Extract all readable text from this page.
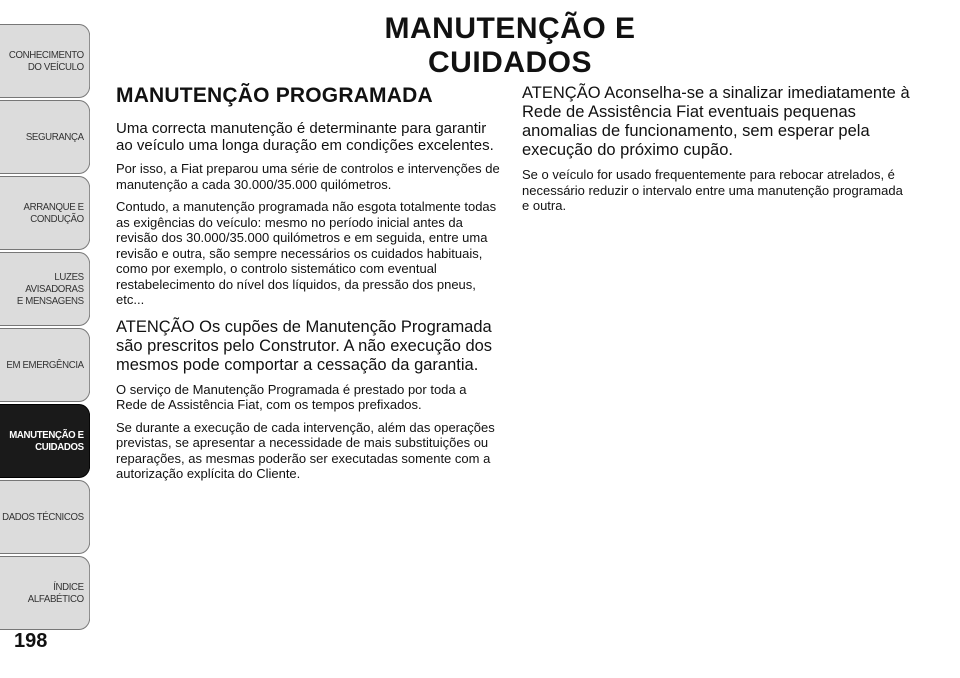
CONHECIMENTO
DO VEÍCULO
SEGURANÇA
ARRANQUE E
CONDUÇÃO
LUZES AVISADORAS
E MENSAGENS
EM EMERGÊNCIA
MANUTENÇÃO E
CUIDADOS
DADOS TÉCNICOS
ÍNDICE ALFABÉTICO
198
MANUTENÇÃO E CUIDADOS
MANUTENÇÃO PROGRAMADA

Uma correcta manutenção é determinante para garantir ao veículo uma longa duração em condições excelentes.

Por isso, a Fiat preparou uma série de controlos e intervenções de manutenção a cada 30.000/35.000 quilómetros.

Contudo, a manutenção programada não esgota totalmente todas as exigências do veículo: mesmo no período inicial antes da revisão dos 30.000/35.000 quilómetros e em seguida, entre uma revisão e outra, são sempre necessários os cuidados habituais, como por exemplo, o controlo sistemático com eventual restabelecimento do nível dos líquidos, da pressão dos pneus, etc...

ATENÇÃO Os cupões de Manutenção Programada são prescritos pelo Construtor. A não execução dos mesmos pode comportar a cessação da garantia.

O serviço de Manutenção Programada é prestado por toda a Rede de Assistência Fiat, com os tempos prefixados.

Se durante a execução de cada intervenção, além das operações previstas, se apresentar a necessidade de mais substituições ou reparações, as mesmas poderão ser executadas somente com a autorização explícita do Cliente.

ATENÇÃO Aconselha-se a sinalizar imediatamente à Rede de Assistência Fiat eventuais pequenas anomalias de funcionamento, sem esperar pela execução do próximo cupão.

Se o veículo for usado frequentemente para rebocar atrelados, é necessário reduzir o intervalo entre uma manutenção programada e outra.
